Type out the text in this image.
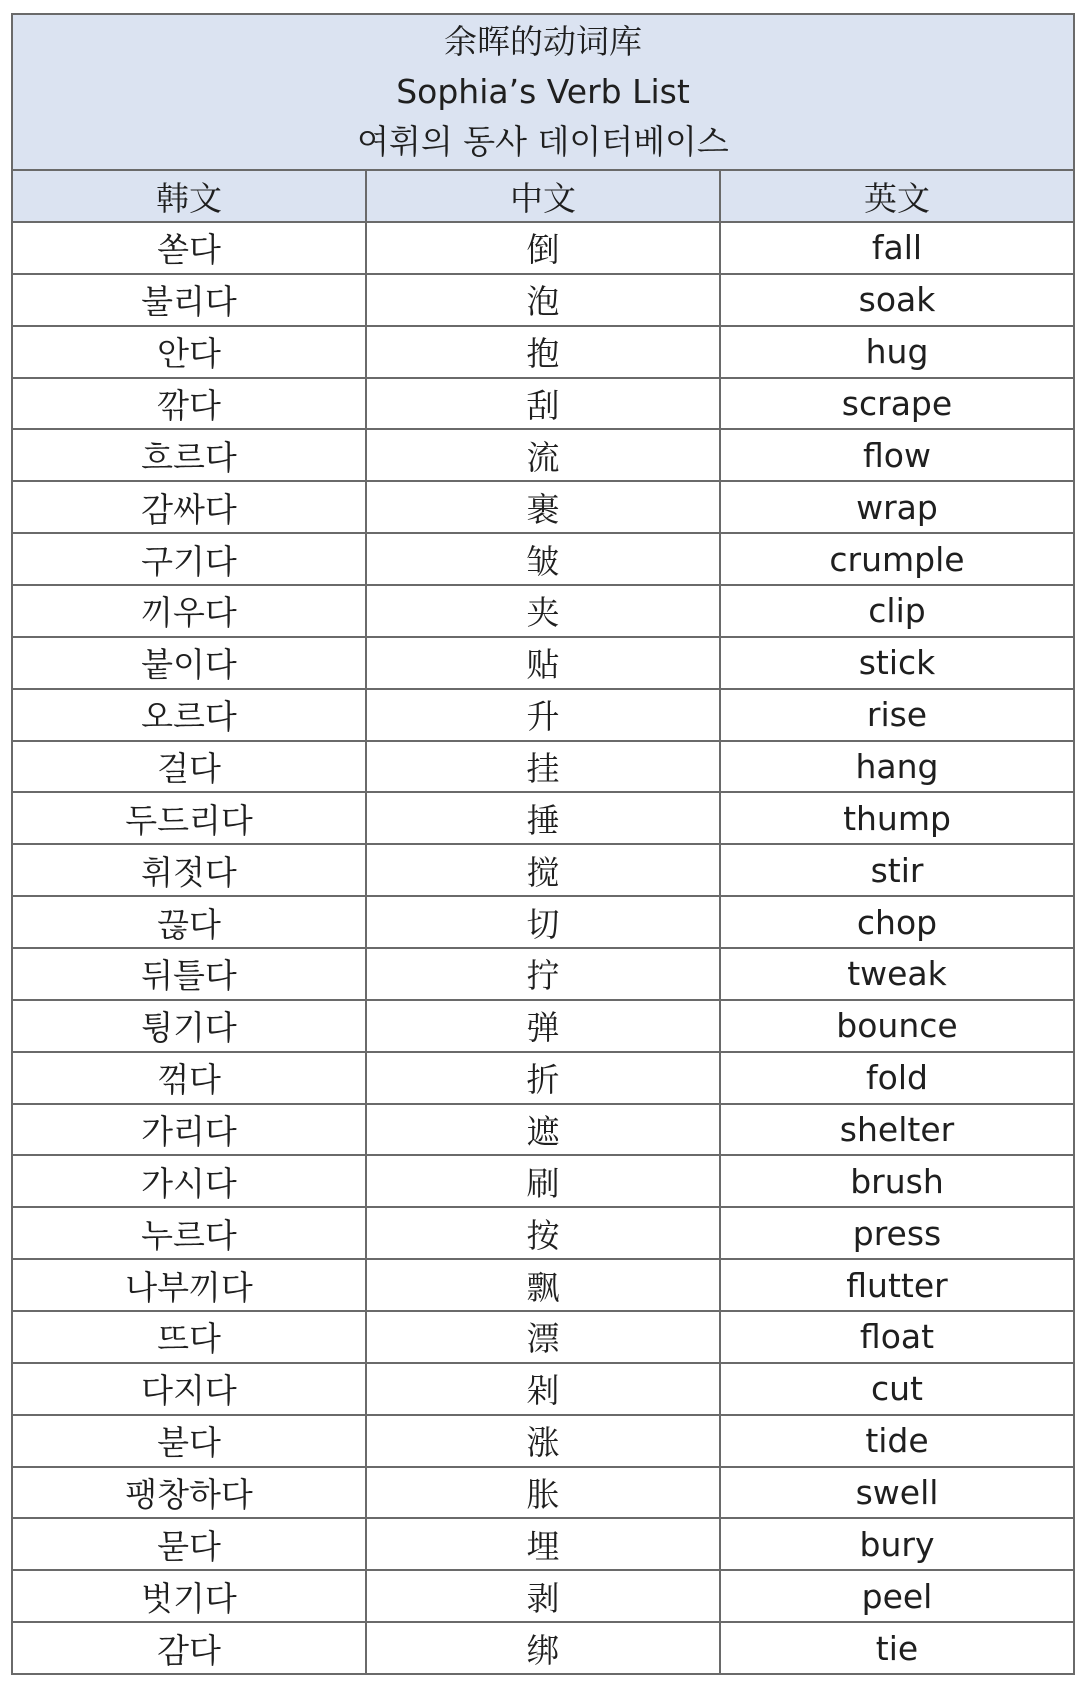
余晖的动词库
Sophia’s Verb List
여휘의 동사 데이터베이스
韩文	中文	英文
쏟다	倒	fall
불리다	泡	soak
안다	抱	hug
깎다	刮	scrape
흐르다	流	flow
감싸다	裹	wrap
구기다	皱	crumple
끼우다	夹	clip
붙이다	贴	stick
오르다	升	rise
걸다	挂	hang
두드리다	捶	thump
휘젓다	搅	stir
끊다	切	chop
뒤틀다	拧	tweak
튕기다	弹	bounce
꺾다	折	fold
가리다	遮	shelter
가시다	刷	brush
누르다	按	press
나부끼다	飘	flutter
뜨다	漂	float
다지다	剁	cut
붇다	涨	tide
팽창하다	胀	swell
묻다	埋	bury
벗기다	剥	peel
감다	绑	tie
